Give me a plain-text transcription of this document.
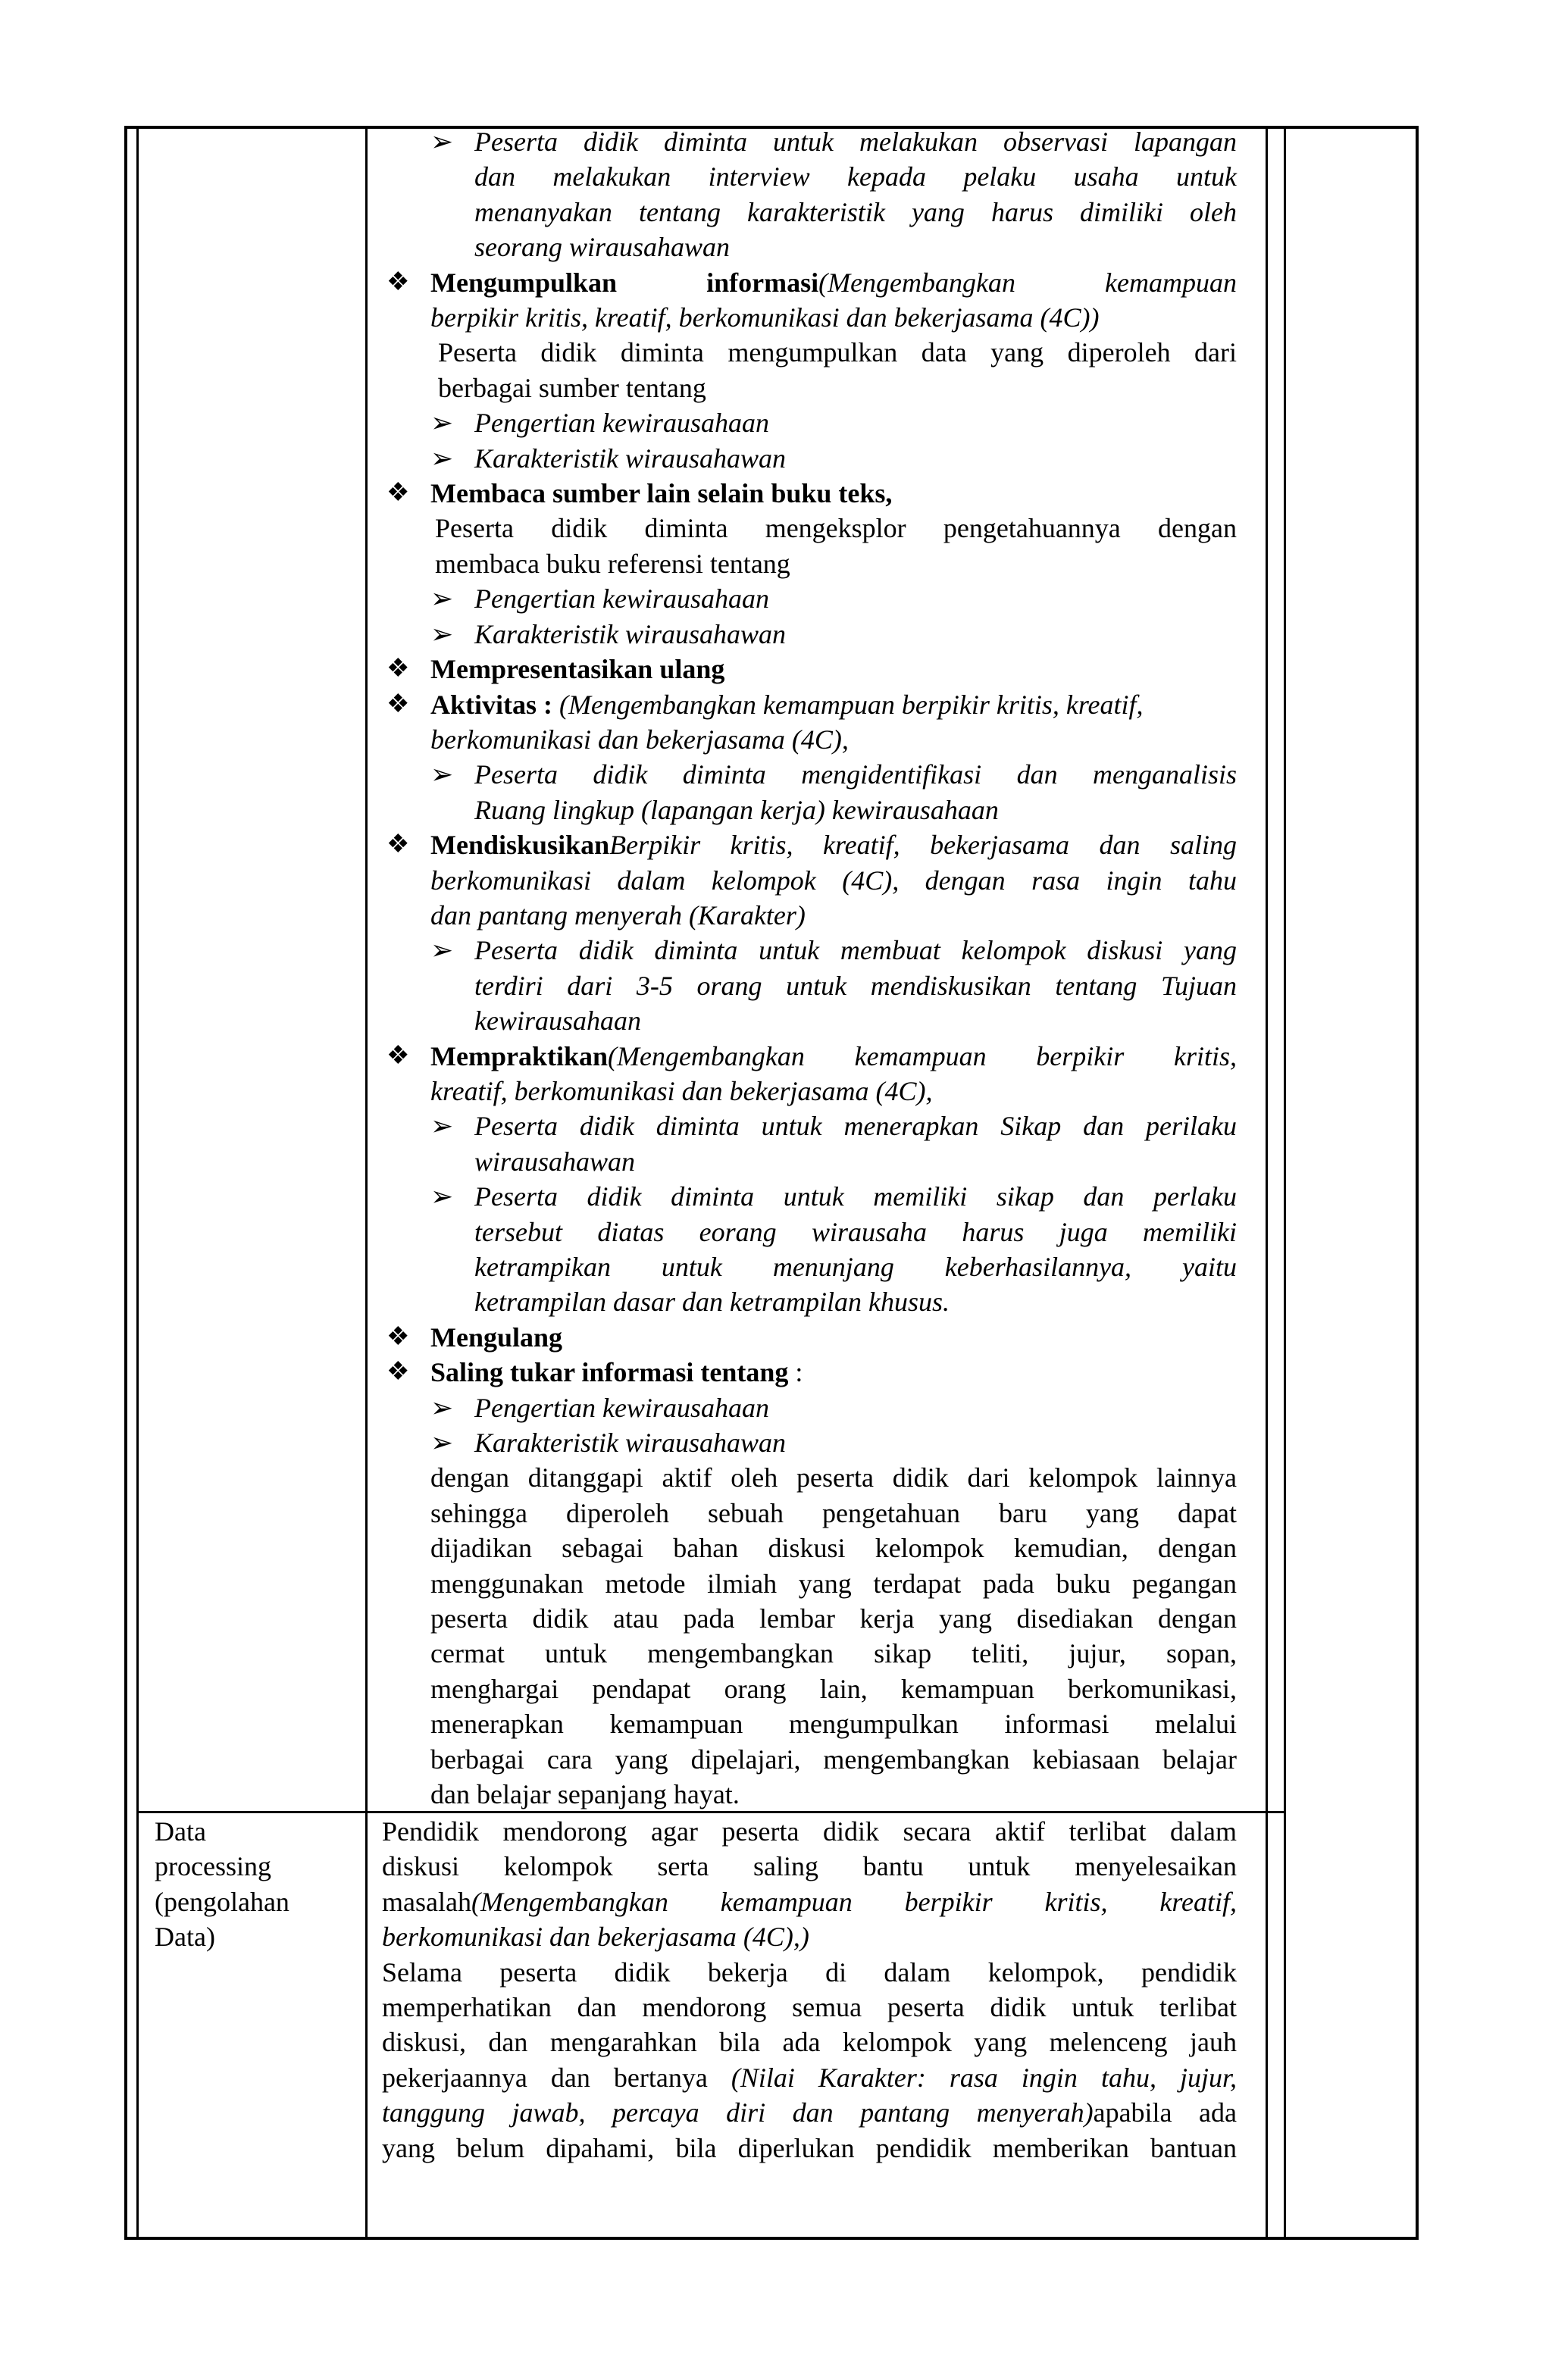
➢ Peserta didik diminta untuk melakukan observasi lapangan

dan melakukan interview kepada pelaku usaha untuk

menanyakan tentang karakteristik yang harus dimiliki oleh

seorang wirausahawan

❖ Mengumpulkan informasi(Mengembangkan kemampuan

berpikir kritis, kreatif, berkomunikasi dan bekerjasama (4C))

Peserta didik diminta mengumpulkan data yang diperoleh dari

berbagai sumber tentang

➢ Pengertian kewirausahaan
➢ Karakteristik wirausahawan
❖ Membaca sumber lain selain buku teks,

Peserta didik diminta mengeksplor pengetahuannya dengan

membaca buku referensi tentang

➢ Pengertian kewirausahaan
➢ Karakteristik wirausahawan
❖ Mempresentasikan ulang
❖ Aktivitas : (Mengembangkan kemampuan berpikir kritis, kreatif,

berkomunikasi dan bekerjasama (4C),

➢ Peserta didik diminta mengidentifikasi dan menganalisis

Ruang lingkup (lapangan kerja) kewirausahaan

❖ MendiskusikanBerpikir kritis, kreatif, bekerjasama dan saling

berkomunikasi dalam kelompok (4C), dengan rasa ingin tahu

dan pantang menyerah (Karakter)

➢ Peserta didik diminta untuk membuat kelompok diskusi yang

terdiri dari 3-5 orang untuk mendiskusikan tentang Tujuan

kewirausahaan

❖ Mempraktikan(Mengembangkan kemampuan berpikir kritis,

kreatif, berkomunikasi dan bekerjasama (4C),

➢ Peserta didik diminta untuk menerapkan Sikap dan perilaku

wirausahawan

➢ Peserta didik diminta untuk memiliki sikap dan perlaku

tersebut diatas eorang wirausaha harus juga memiliki

ketrampikan untuk menunjang keberhasilannya, yaitu

ketrampilan dasar dan ketrampilan khusus.

❖ Mengulang
❖ Saling tukar informasi tentang :
➢ Pengertian kewirausahaan
➢ Karakteristik wirausahawan

dengan ditanggapi aktif oleh peserta didik dari kelompok lainnya

sehingga diperoleh sebuah pengetahuan baru yang dapat

dijadikan sebagai bahan diskusi kelompok kemudian, dengan

menggunakan metode ilmiah yang terdapat pada buku pegangan

peserta didik atau pada lembar kerja yang disediakan dengan

cermat untuk mengembangkan sikap teliti, jujur, sopan,

menghargai pendapat orang lain, kemampuan berkomunikasi,

menerapkan kemampuan mengumpulkan informasi melalui

berbagai cara yang dipelajari, mengembangkan kebiasaan belajar

dan belajar sepanjang hayat.

Data

processing

(pengolahan

Data)

Pendidik mendorong agar peserta didik secara aktif terlibat dalam

diskusi kelompok serta saling bantu untuk menyelesaikan

masalah(Mengembangkan kemampuan berpikir kritis, kreatif,

berkomunikasi dan bekerjasama (4C),)

Selama peserta didik bekerja di dalam kelompok, pendidik

memperhatikan dan mendorong semua peserta didik untuk terlibat

diskusi, dan mengarahkan bila ada kelompok yang melenceng jauh

pekerjaannya dan bertanya (Nilai Karakter: rasa ingin tahu, jujur,

tanggung jawab, percaya diri dan pantang menyerah)apabila ada

yang belum dipahami, bila diperlukan pendidik memberikan bantuan
